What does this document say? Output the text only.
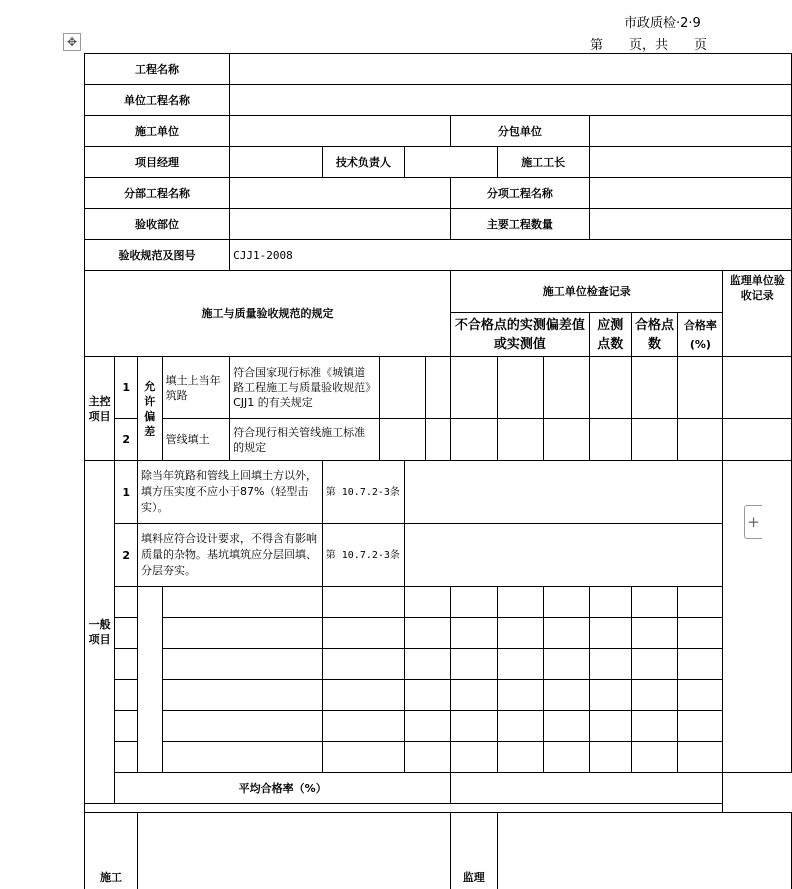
市政质检·2·9
第　　页，共　　页
✥
+
工程名称															
单位工程名称															
施工单位									分包单位						
项目经理					技术负责人					施工工长					
分部工程名称									分项工程名称						
验收部位									主要工程数量						
验收规范及图号				CJJ1-2008											
施工与质量验收规范的规定									施工单位检查记录						监理单位验收记录
									不合格点的实测偏差值或实测值			应测点数	合格点数	合格率(%)	
主控项目	1	允许偏差	填土上当年筑路	符合国家现行标准《城镇道路工程施工与质量验收规范》CJJ1 的有关规定											
	2		管线填土	符合现行相关管线施工标准的规定											
一般项目	1	除当年筑路和管线上回填土方以外，填方压实度不应小于87%（轻型击实）。			第 10.7.2-3条										
	2	填料应符合设计要求，不得含有影响质量的杂物。基坑填筑应分层回填、分层夯实。			第 10.7.2-3条										

	平均合格率（%）														

施工									监理						
